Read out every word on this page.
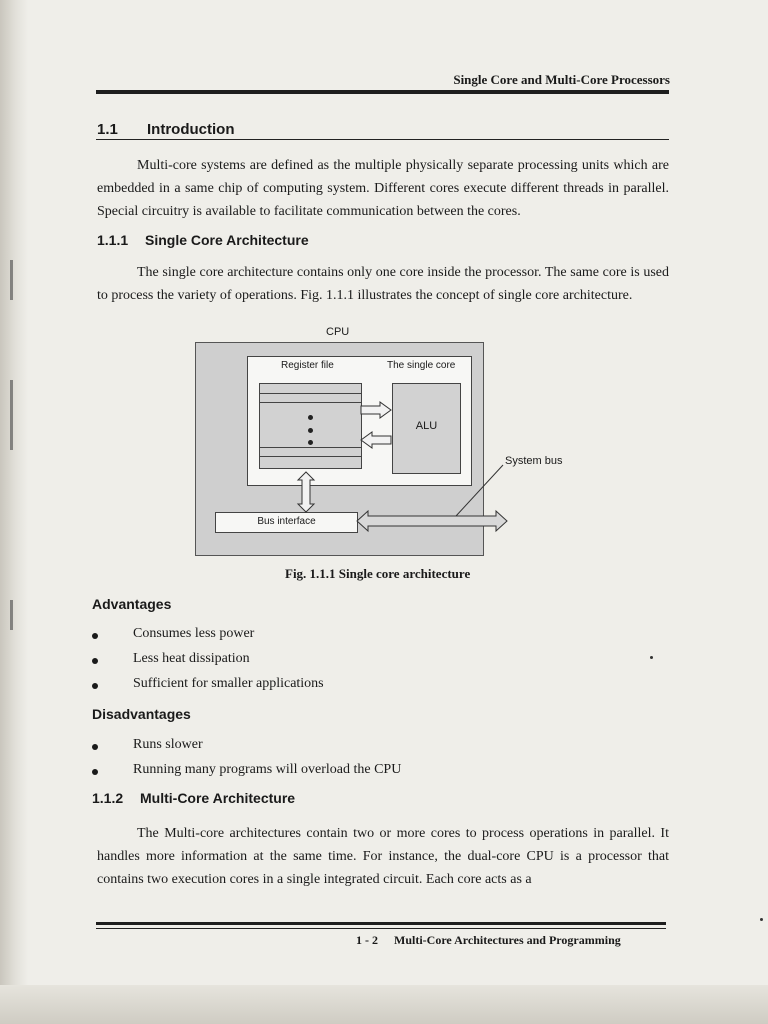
Single Core and Multi-Core Processors
1.1 Introduction
Multi-core systems are defined as the multiple physically separate processing units which are embedded in a same chip of computing system. Different cores execute different threads in parallel. Special circuitry is available to facilitate communication between the cores.
1.1.1 Single Core Architecture
The single core architecture contains only one core inside the processor. The same core is used to process the variety of operations. Fig. 1.1.1 illustrates the concept of single core architecture.
CPU
Register file	The single core
ALU
Bus interface
System bus
Fig. 1.1.1 Single core architecture
Advantages
Consumes less power
Less heat dissipation
Sufficient for smaller applications
Disadvantages
Runs slower
Running many programs will overload the CPU
1.1.2 Multi-Core Architecture
The Multi-core architectures contain two or more cores to process operations in parallel. It handles more information at the same time. For instance, the dual-core CPU is a processor that contains two execution cores in a single integrated circuit. Each core acts as a
1 - 2 Multi-Core Architectures and Programming
